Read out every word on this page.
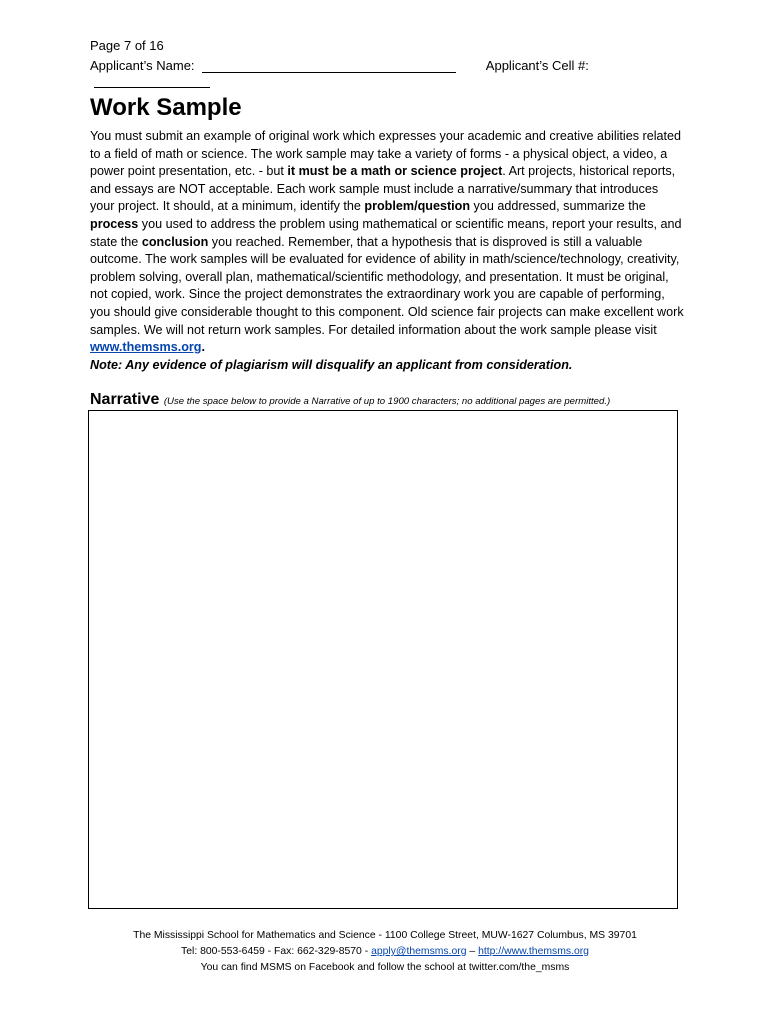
Page 7 of 16
Applicant’s Name:	Applicant’s Cell #:
Work Sample
You must submit an example of original work which expresses your academic and creative abilities related to a field of math or science. The work sample may take a variety of forms - a physical object, a video, a power point presentation, etc. - but it must be a math or science project. Art projects, historical reports, and essays are NOT acceptable. Each work sample must include a narrative/summary that introduces your project. It should, at a minimum, identify the problem/question you addressed, summarize the process you used to address the problem using mathematical or scientific means, report your results, and state the conclusion you reached. Remember, that a hypothesis that is disproved is still a valuable outcome. The work samples will be evaluated for evidence of ability in math/science/technology, creativity, problem solving, overall plan, mathematical/scientific methodology, and presentation. It must be original, not copied, work. Since the project demonstrates the extraordinary work you are capable of performing, you should give considerable thought to this component. Old science fair projects can make excellent work samples. We will not return work samples. For detailed information about the work sample please visit www.themsms.org.
Note: Any evidence of plagiarism will disqualify an applicant from consideration.
Narrative (Use the space below to provide a Narrative of up to 1900 characters; no additional pages are permitted.)
The Mississippi School for Mathematics and Science - 1100 College Street, MUW-1627 Columbus, MS 39701
Tel: 800-553-6459 - Fax: 662-329-8570 - apply@themsms.org – http://www.themsms.org
You can find MSMS on Facebook and follow the school at twitter.com/the_msms
